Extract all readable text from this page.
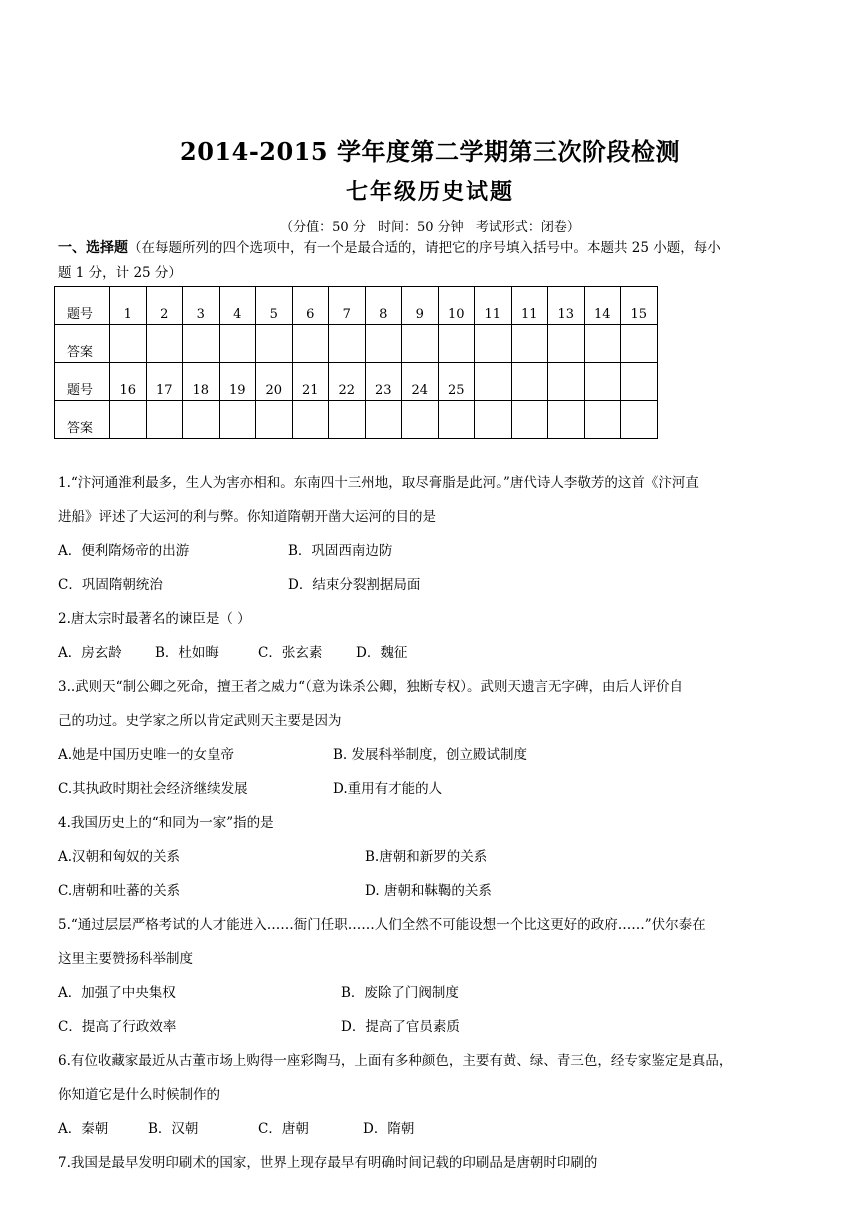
2014-2015 学年度第二学期第三次阶段检测
七年级历史试题
（分值：50 分 时间：50 分钟 考试形式：闭卷）
一、选择题（在每题所列的四个选项中，有一个是最合适的，请把它的序号填入括号中。本题共 25 小题，每小
题 1 分，计 25 分）
题号	1	2	3	4	5	6	7	8	9	10	11	11	13	14	15
答案															
题号	16	17	18	19	20	21	22	23	24	25					
答案															
1.“汴河通淮利最多，生人为害亦相和。东南四十三州地，取尽膏脂是此河。”唐代诗人李敬芳的这首《汴河直
进船》评述了大运河的利与弊。你知道隋朝开凿大运河的目的是
A．便利隋炀帝的出游	B．巩固西南边防
C．巩固隋朝统治	D．结束分裂割据局面
2.唐太宗时最著名的谏臣是（ ）
A．房玄龄 B．杜如晦	C．张玄素 D．魏征
3..武则天“制公卿之死命，擅王者之威力“（意为诛杀公卿，独断专权）。武则天遗言无字碑，由后人评价自
己的功过。史学家之所以肯定武则天主要是因为
A.她是中国历史唯一的女皇帝	B. 发展科举制度，创立殿试制度
C.其执政时期社会经济继续发展	D.重用有才能的人
4.我国历史上的“和同为一家”指的是
A.汉朝和匈奴的关系	B.唐朝和新罗的关系
C.唐朝和吐蕃的关系	D. 唐朝和靺鞨的关系
5.“通过层层严格考试的人才能进入……衙门任职……人们全然不可能设想一个比这更好的政府……”伏尔泰在
这里主要赞扬科举制度
A．加强了中央集权	B．废除了门阀制度
C．提高了行政效率	D．提高了官员素质
6.有位收藏家最近从古董市场上购得一座彩陶马，上面有多种颜色，主要有黄、绿、青三色，经专家鉴定是真品，
你知道它是什么时候制作的
A．秦朝	B．汉朝	C．唐朝	D．隋朝
7.我国是最早发明印刷术的国家，世界上现存最早有明确时间记载的印刷品是唐朝时印刷的
